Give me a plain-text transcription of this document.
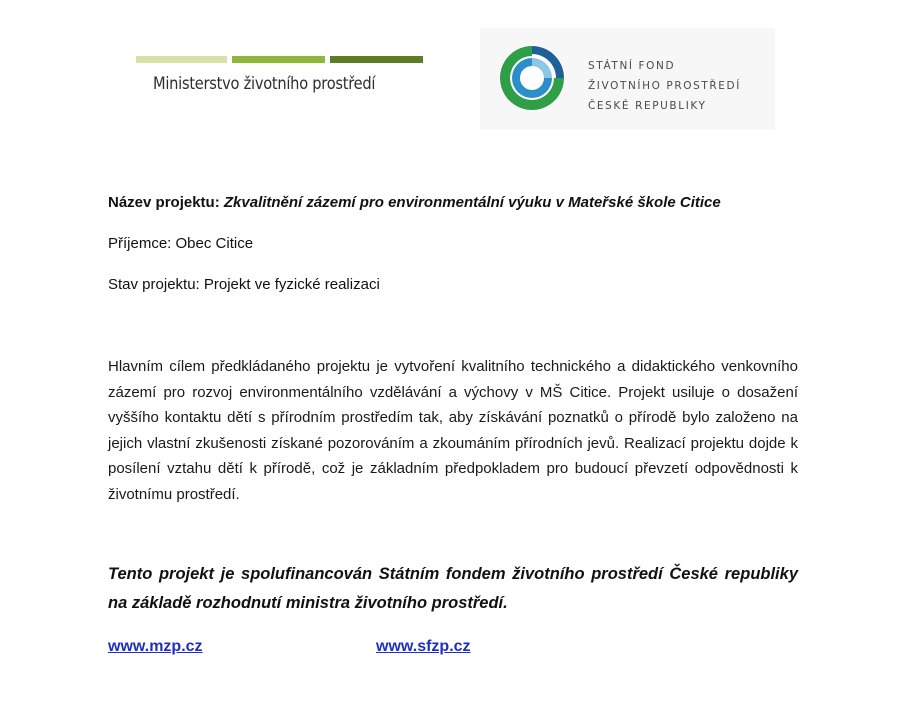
Ministerstvo životního prostředí
STÁTNÍ FOND
ŽIVOTNÍHO PROSTŘEDÍ
ČESKÉ REPUBLIKY
Název projektu: Zkvalitnění zázemí pro environmentální výuku v Mateřské škole Citice
Příjemce: Obec Citice
Stav projektu: Projekt ve fyzické realizaci
Hlavním cílem předkládaného projektu je vytvoření kvalitního technického a didaktického venkovního zázemí pro rozvoj environmentálního vzdělávání a výchovy v MŠ Citice. Projekt usiluje o dosažení vyššího kontaktu dětí s přírodním prostředím tak, aby získávání poznatků o přírodě bylo založeno na jejich vlastní zkušenosti získané pozorováním a zkoumáním přírodních jevů. Realizací projektu dojde k posílení vztahu dětí k přírodě, což je základním předpokladem pro budoucí převzetí odpovědnosti k životnímu prostředí.
Tento projekt je spolufinancován Státním fondem životního prostředí České republiky na základě rozhodnutí ministra životního prostředí.
www.mzp.cz	www.sfzp.cz
